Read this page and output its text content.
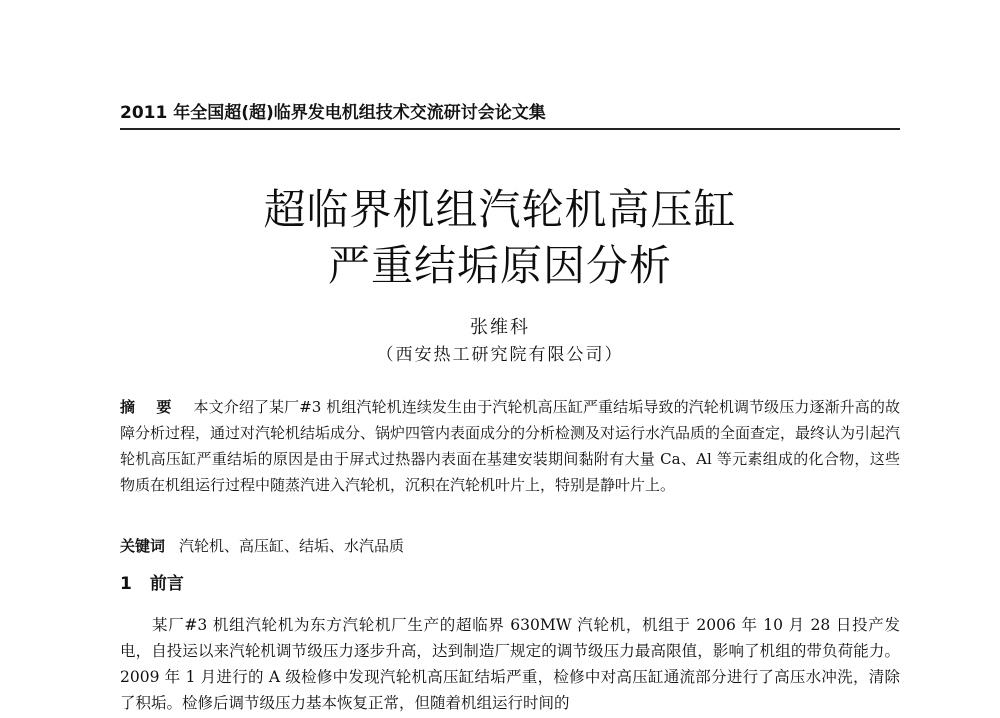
2011 年全国超(超)临界发电机组技术交流研讨会论文集
超临界机组汽轮机高压缸
严重结垢原因分析
张维科
（西安热工研究院有限公司）
摘 要 本文介绍了某厂#3 机组汽轮机连续发生由于汽轮机高压缸严重结垢导致的汽轮机调节级压力逐渐升高的故障分析过程，通过对汽轮机结垢成分、锅炉四管内表面成分的分析检测及对运行水汽品质的全面查定，最终认为引起汽轮机高压缸严重结垢的原因是由于屏式过热器内表面在基建安装期间黏附有大量 Ca、Al 等元素组成的化合物，这些物质在机组运行过程中随蒸汽进入汽轮机，沉积在汽轮机叶片上，特别是静叶片上。
关键词 汽轮机、高压缸、结垢、水汽品质
1 前言
某厂#3 机组汽轮机为东方汽轮机厂生产的超临界 630MW 汽轮机，机组于 2006 年 10 月 28 日投产发电，自投运以来汽轮机调节级压力逐步升高，达到制造厂规定的调节级压力最高限值，影响了机组的带负荷能力。2009 年 1 月进行的 A 级检修中发现汽轮机高压缸结垢严重，检修中对高压缸通流部分进行了高压水冲洗，清除了积垢。检修后调节级压力基本恢复正常，但随着机组运行时间的
